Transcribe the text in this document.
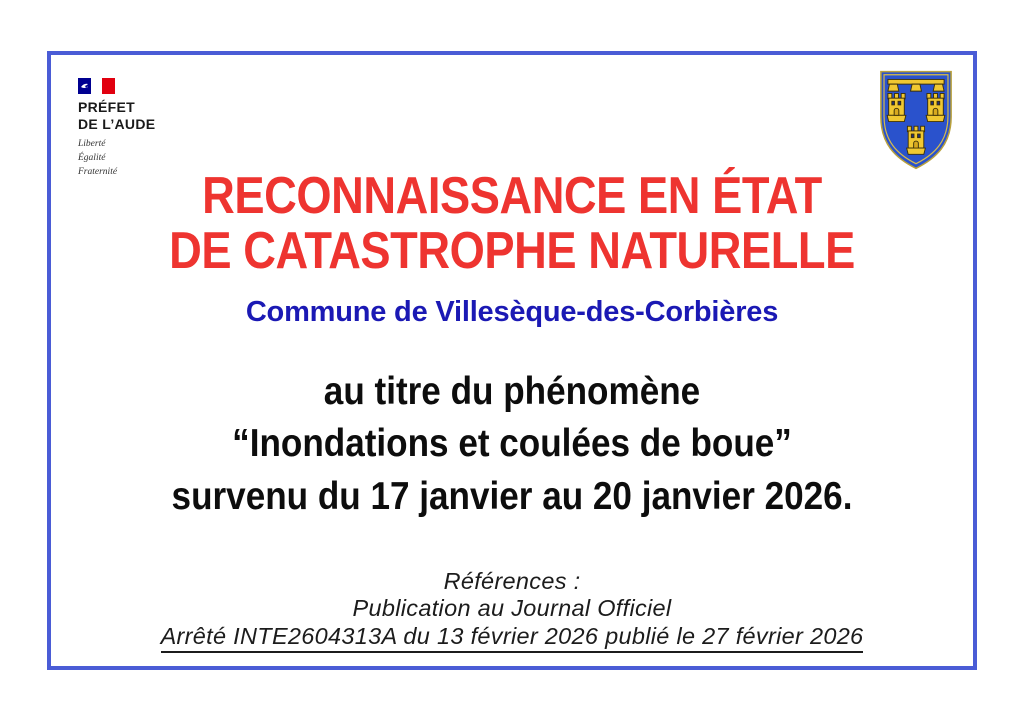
PRÉFET
DE L’AUDE
Liberté
Égalité
Fraternité	RECONNAISSANCE EN ÉTAT
DE CATASTROPHE NATURELLE
Commune de Villesèque-des-Corbières
au titre du phénomène
“Inondations et coulées de boue”
survenu du 17 janvier au 20 janvier 2026.
Références :
Publication au Journal Officiel
Arrêté INTE2604313A du 13 février 2026 publié le 27 février 2026
